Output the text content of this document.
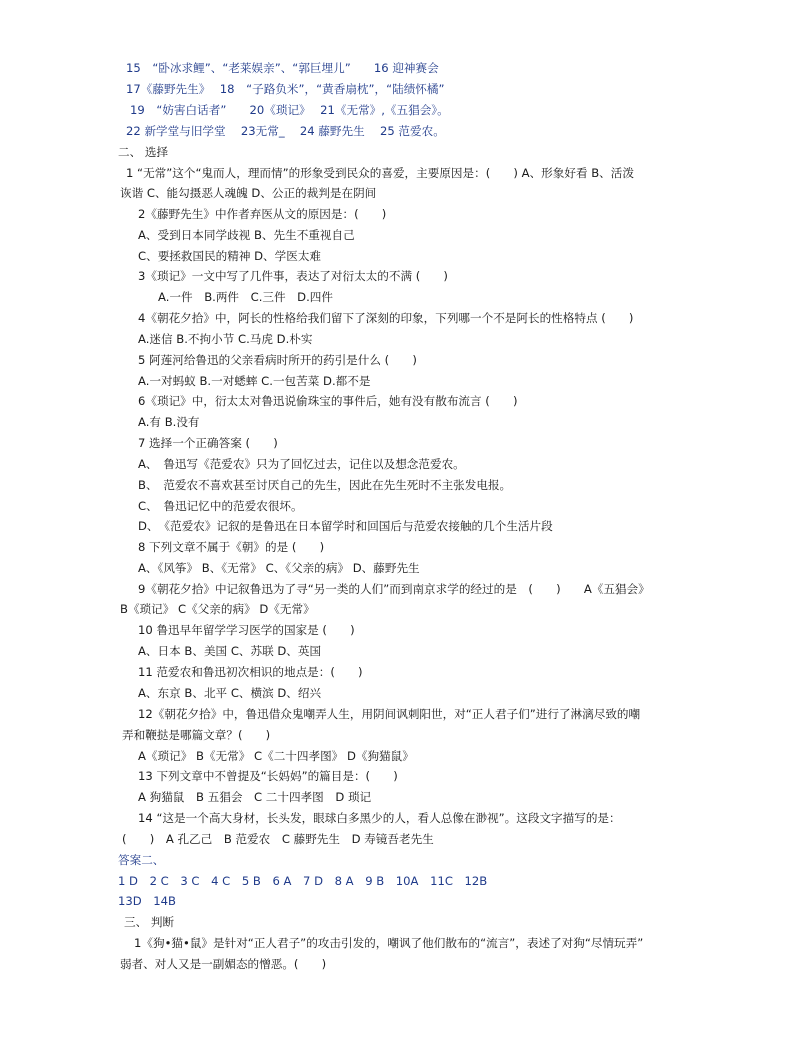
15　“卧冰求鲤”、“老莱娱亲”、“郭巨埋儿”　　16 迎神赛会
17《藤野先生》　 18　“子路负米”，“黄香扇枕”，“陆绩怀橘”
19　“妨害白话者”　　20《琐记》　 21《无常》,《五猖会》。
22 新学堂与旧学堂　 23无常_　 24 藤野先生　 25 范爱农。
二、 选择
1 “无常”这个“鬼而人，理而情”的形象受到民众的喜爱，主要原因是：(　　) A、形象好看 B、活泼
诙谐 C、能勾摄恶人魂魄 D、公正的裁判是在阴间
2《藤野先生》中作者弃医从文的原因是：(　　)
A、受到日本同学歧视 B、先生不重视自己
C、要拯救国民的精神 D、学医太难
3《琐记》一文中写了几件事，表达了对衍太太的不满 (　　)
A.一件　B.两件　C.三件　D.四件
4《朝花夕拾》中，阿长的性格给我们留下了深刻的印象，下列哪一个不是阿长的性格特点 (　　)
A.迷信 B.不拘小节 C.马虎 D.朴实
5 阿莲河给鲁迅的父亲看病时所开的药引是什么 (　　)
A.一对蚂蚁 B.一对蟋蟀 C.一包苦菜 D.都不是
6《琐记》中，衍太太对鲁迅说偷珠宝的事件后，她有没有散布流言 (　　)
A.有 B.没有
7 选择一个正确答案 (　　)
A、　鲁迅写《范爱农》只为了回忆过去，记住以及想念范爱农。
B、　范爱农不喜欢甚至讨厌自己的先生，因此在先生死时不主张发电报。
C、　鲁迅记忆中的范爱农很坏。
D、　《范爱农》记叙的是鲁迅在日本留学时和回国后与范爱农接触的几个生活片段
8 下列文章不属于《朝》的是 (　　)
A、《风筝》 B、《无常》 C、《父亲的病》 D、藤野先生
9《朝花夕拾》中记叙鲁迅为了寻“另一类的人们”而到南京求学的经过的是　(　　)　　A《五猖会》
B《琐记》 C《父亲的病》 D《无常》
10 鲁迅早年留学学习医学的国家是 (　　)
A、日本 B、美国 C、苏联 D、英国
11 范爱农和鲁迅初次相识的地点是：(　　)
A、东京 B、北平 C、横滨 D、绍兴
12《朝花夕拾》中，鲁迅借众鬼嘲弄人生，用阴间讽刺阳世，对“正人君子们”进行了淋漓尽致的嘲
弄和鞭挞是哪篇文章？(　　)
A《琐记》 B《无常》 C《二十四孝图》 D《狗猫鼠》
13 下列文章中不曾提及“长妈妈”的篇目是：(　　)
A 狗猫鼠　B 五猖会　C 二十四孝图　D 琐记
14 “这是一个高大身材，长头发，眼球白多黑少的人，看人总像在渺视”。这段文字描写的是：
(　　)　A 孔乙己　B 范爱农　C 藤野先生　D 寿镜吾老先生
答案二、
1 D　2 C　3 C　4 C　5 B　6 A　7 D　8 A　9 B　10A　11C　12B
13D　14B
三、 判断
1《狗•猫•鼠》是针对“正人君子”的攻击引发的，嘲讽了他们散布的“流言”，表述了对狗“尽情玩弄”
弱者、对人又是一副媚态的憎恶。(　　)
